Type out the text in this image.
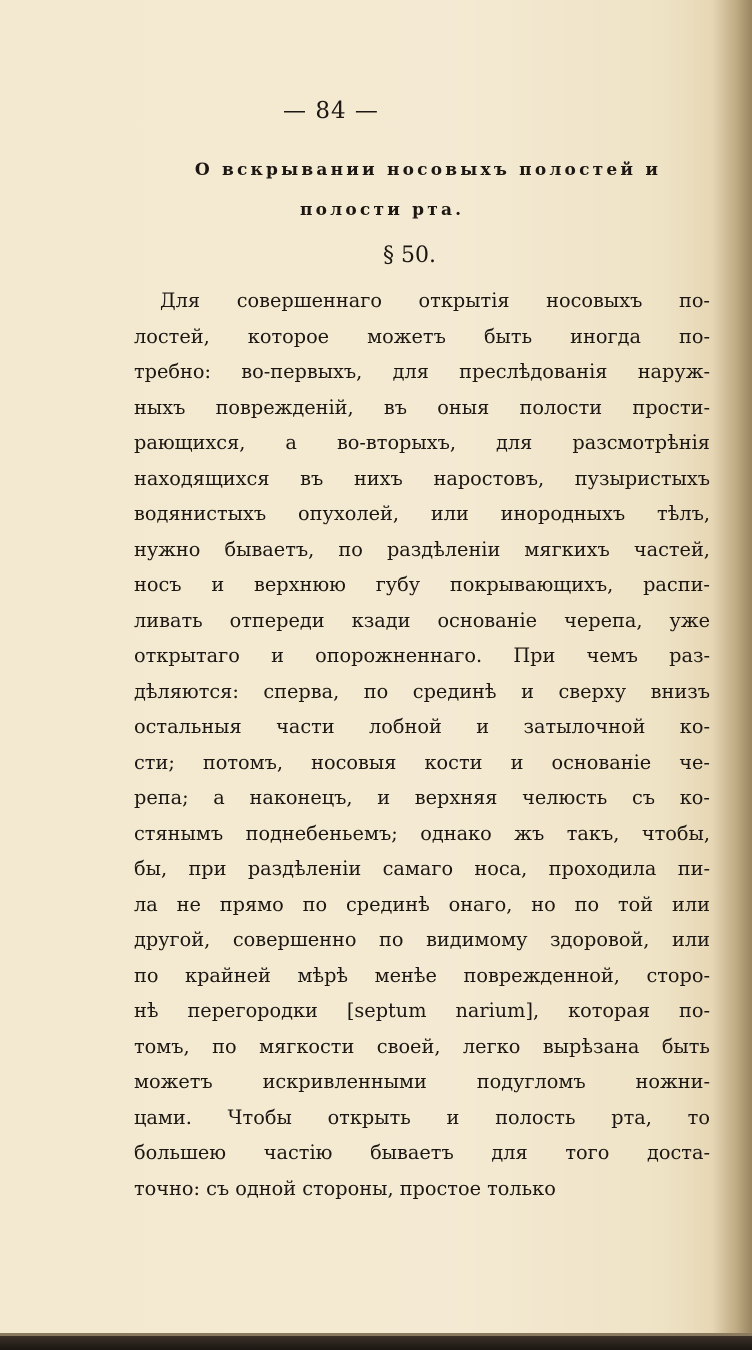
— 84 —
О вскрывании носовыхъ полостей и
полости рта.
§ 50.
Для совершеннаго открытія носовыхъ по-
лостей, которое можетъ быть иногда по-
требно: во-первыхъ, для преслѣдованія наруж-
ныхъ поврежденій, въ оныя полости прости-
рающихся, а во-вторыхъ, для разсмотрѣнія
находящихся въ нихъ наростовъ, пузыристыхъ
водянистыхъ опухолей, или инородныхъ тѣлъ,
нужно бываетъ, по раздѣленіи мягкихъ частей,
носъ и верхнюю губу покрывающихъ, распи-
ливать отпереди кзади основаніе черепа, уже
открытаго и опорожненнаго. При чемъ раз-
дѣляются: сперва, по срединѣ и сверху внизъ
остальныя части лобной и затылочной ко-
сти; потомъ, носовыя кости и основаніе че-
репа; а наконецъ, и верхняя челюсть съ ко-
стянымъ поднебеньемъ; однако жъ такъ, чтобы,
бы, при раздѣленіи самаго носа, проходила пи-
ла не прямо по срединѣ онаго, но по той или
другой, совершенно по видимому здоровой, или
по крайней мѣрѣ менѣе поврежденной, сторо-
нѣ перегородки [septum narium], которая по-
томъ, по мягкости своей, легко вырѣзана быть
можетъ	искривленными	подугломъ	ножни-
цами. Чтобы открыть и полость рта, то
большею частію бываетъ для того доста-
точно: съ одной стороны, простое только
